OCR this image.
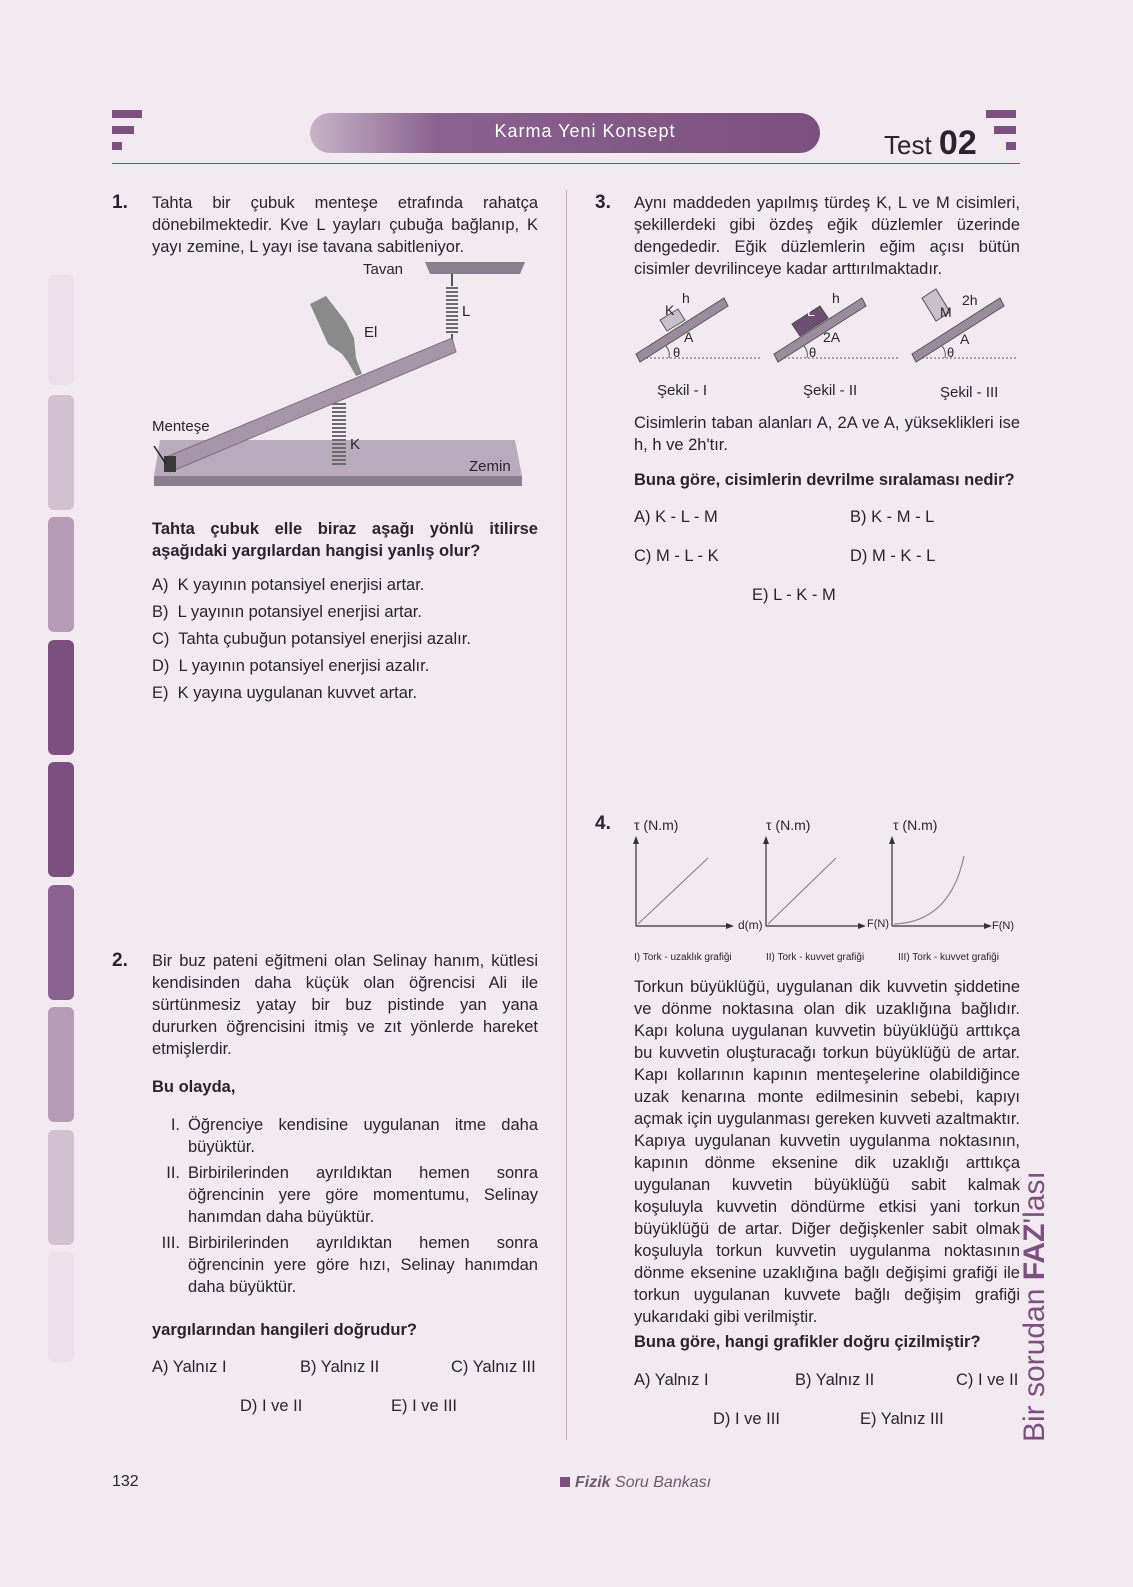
Karma Yeni Konsept	Test 02
1. Tahta bir çubuk menteşe etrafında rahatça dönebilmektedir. Kve L yayları çubuğa bağlanıp, K yayı zemine, L yayı ise tavana sabitleniyor.
Tavan
L
El
Menteşe
K
Zemin
Tahta çubuk elle biraz aşağı yönlü itilirse aşağıdaki yargılardan hangisi yanlış olur?
A) K yayının potansiyel enerjisi artar.
B) L yayının potansiyel enerjisi artar.
C) Tahta çubuğun potansiyel enerjisi azalır.
D) L yayının potansiyel enerjisi azalır.
E) K yayına uygulanan kuvvet artar.
2. Bir buz pateni eğitmeni olan Selinay hanım, kütlesi kendisinden daha küçük olan öğrencisi Ali ile sürtünmesiz yatay bir buz pistinde yan yana dururken öğrencisini itmiş ve zıt yönlerde hareket etmişlerdir.
Bu olayda,
I. Öğrenciye kendisine uygulanan itme daha büyüktür.
II. Birbirilerinden ayrıldıktan hemen sonra öğrencinin yere göre momentumu, Selinay hanımdan daha büyüktür.
III. Birbirilerinden ayrıldıktan hemen sonra öğrencinin yere göre hızı, Selinay hanımdan daha büyüktür.
yargılarından hangileri doğrudur?
A) Yalnız I	B) Yalnız II	C) Yalnız III
D) I ve II	E) I ve III
3. Aynı maddeden yapılmış türdeş K, L ve M cisimleri, şekillerdeki gibi özdeş eğik düzlemler üzerinde dengededir. Eğik düzlemlerin eğim açısı bütün cisimler devrilinceye kadar arttırılmaktadır.
K
h
A
θ
Şekil - I
L
h
2A
θ
Şekil - II
M
2h
A
θ
Şekil - III
Cisimlerin taban alanları A, 2A ve A, yükseklikleri ise h, h ve 2h'tır.
Buna göre, cisimlerin devrilme sıralaması nedir?
A) K - L - M	B) K - M - L
C) M - L - K	D) M - K - L
E) L - K - M
4. τ (N.m)	τ (N.m)	τ (N.m)
d(m)	F(N)	F(N)
I) Tork - uzaklık grafiği	II) Tork - kuvvet grafiği	III) Tork - kuvvet grafiği
Torkun büyüklüğü, uygulanan dik kuvvetin şiddetine ve dönme noktasına olan dik uzaklığına bağlıdır. Kapı koluna uygulanan kuvvetin büyüklüğü arttıkça bu kuvvetin oluşturacağı torkun büyüklüğü de artar. Kapı kollarının kapının menteşelerine olabildiğince uzak kenarına monte edilmesinin sebebi, kapıyı açmak için uygulanması gereken kuvveti azaltmaktır. Kapıya uygulanan kuvvetin uygulanma noktasının, kapının dönme eksenine dik uzaklığı arttıkça uygulanan kuvvetin büyüklüğü sabit kalmak koşuluyla kuvvetin döndürme etkisi yani torkun büyüklüğü de artar. Diğer değişkenler sabit olmak koşuluyla torkun kuvvetin uygulanma noktasının dönme eksenine uzaklığına bağlı değişimi grafiği ile torkun uygulanan kuvvete bağlı değişim grafiği yukarıdaki gibi verilmiştir.
Buna göre, hangi grafikler doğru çizilmiştir?
A) Yalnız I	B) Yalnız II	C) I ve II
D) I ve III	E) Yalnız III Bir sorudan FAZ'lası
132	Fizik Soru Bankası
